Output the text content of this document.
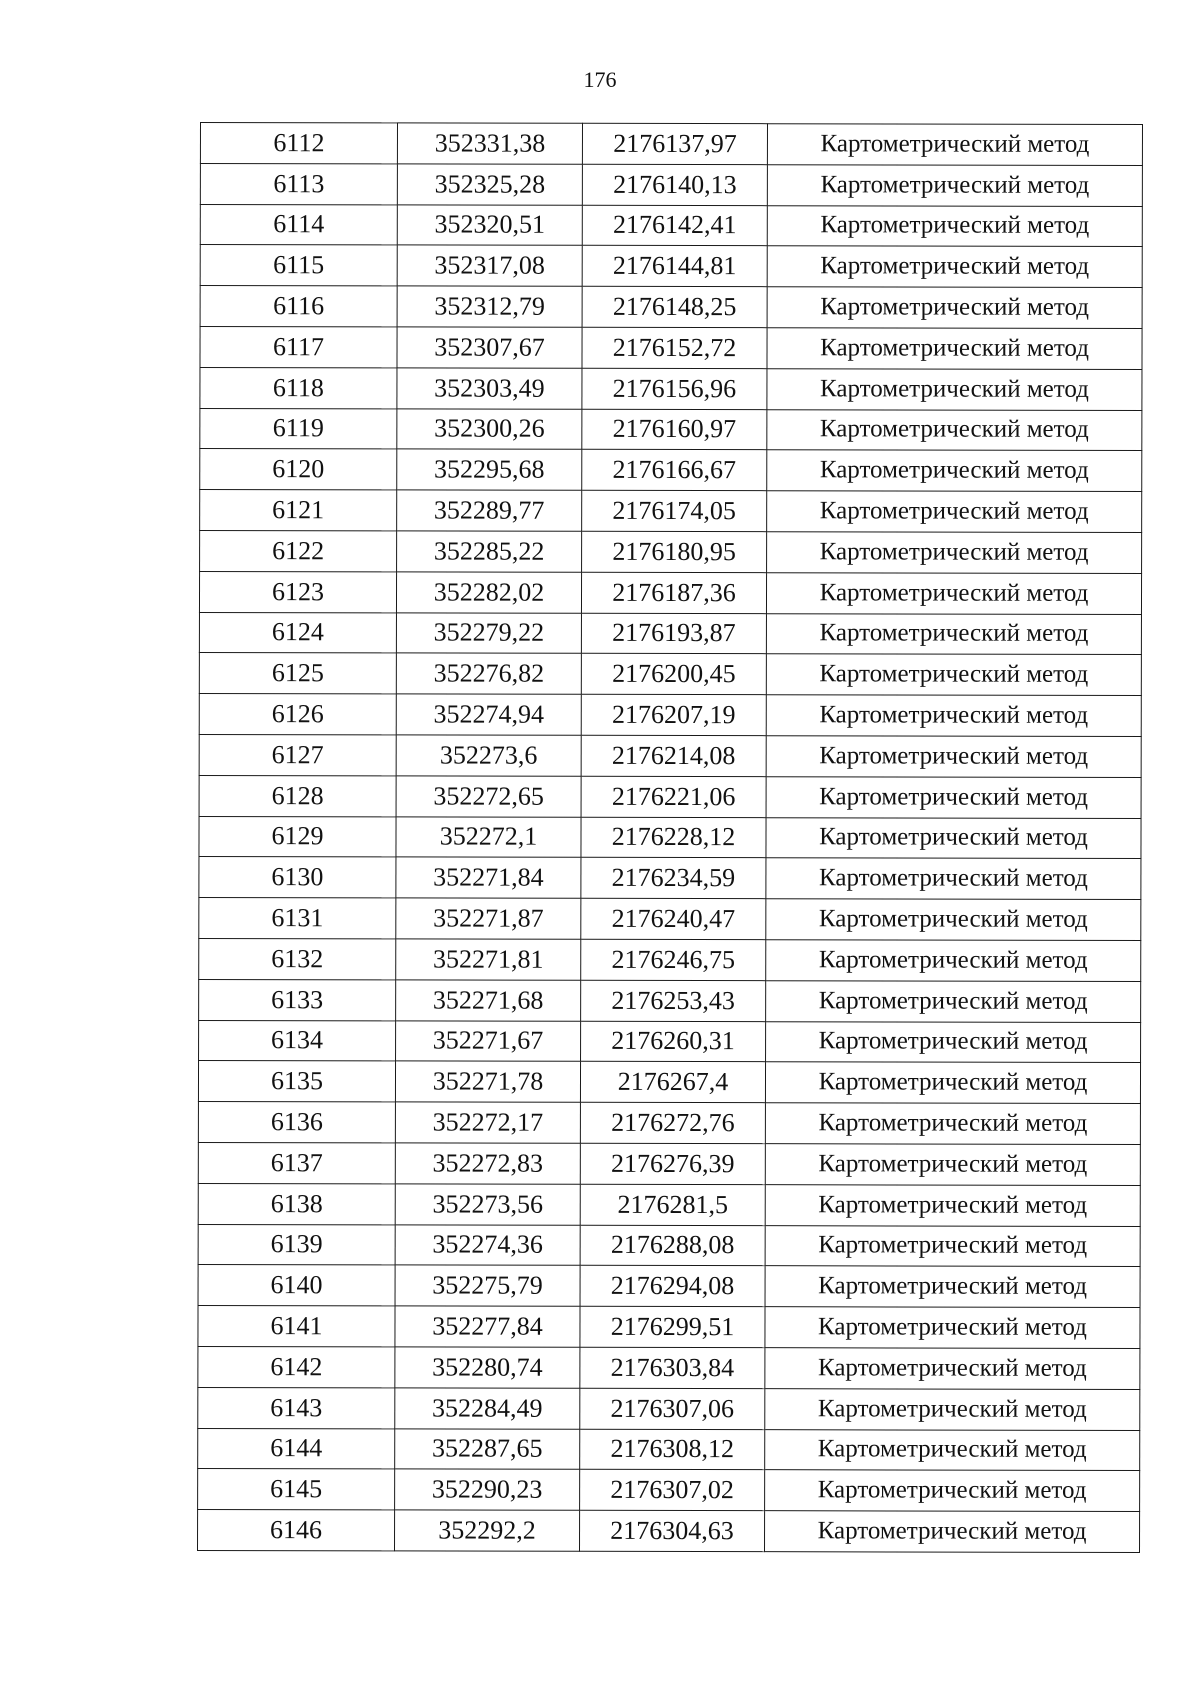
176
6112	352331,38	2176137,97	Картометрический метод
6113	352325,28	2176140,13	Картометрический метод
6114	352320,51	2176142,41	Картометрический метод
6115	352317,08	2176144,81	Картометрический метод
6116	352312,79	2176148,25	Картометрический метод
6117	352307,67	2176152,72	Картометрический метод
6118	352303,49	2176156,96	Картометрический метод
6119	352300,26	2176160,97	Картометрический метод
6120	352295,68	2176166,67	Картометрический метод
6121	352289,77	2176174,05	Картометрический метод
6122	352285,22	2176180,95	Картометрический метод
6123	352282,02	2176187,36	Картометрический метод
6124	352279,22	2176193,87	Картометрический метод
6125	352276,82	2176200,45	Картометрический метод
6126	352274,94	2176207,19	Картометрический метод
6127	352273,6	2176214,08	Картометрический метод
6128	352272,65	2176221,06	Картометрический метод
6129	352272,1	2176228,12	Картометрический метод
6130	352271,84	2176234,59	Картометрический метод
6131	352271,87	2176240,47	Картометрический метод
6132	352271,81	2176246,75	Картометрический метод
6133	352271,68	2176253,43	Картометрический метод
6134	352271,67	2176260,31	Картометрический метод
6135	352271,78	2176267,4	Картометрический метод
6136	352272,17	2176272,76	Картометрический метод
6137	352272,83	2176276,39	Картометрический метод
6138	352273,56	2176281,5	Картометрический метод
6139	352274,36	2176288,08	Картометрический метод
6140	352275,79	2176294,08	Картометрический метод
6141	352277,84	2176299,51	Картометрический метод
6142	352280,74	2176303,84	Картометрический метод
6143	352284,49	2176307,06	Картометрический метод
6144	352287,65	2176308,12	Картометрический метод
6145	352290,23	2176307,02	Картометрический метод
6146	352292,2	2176304,63	Картометрический метод
